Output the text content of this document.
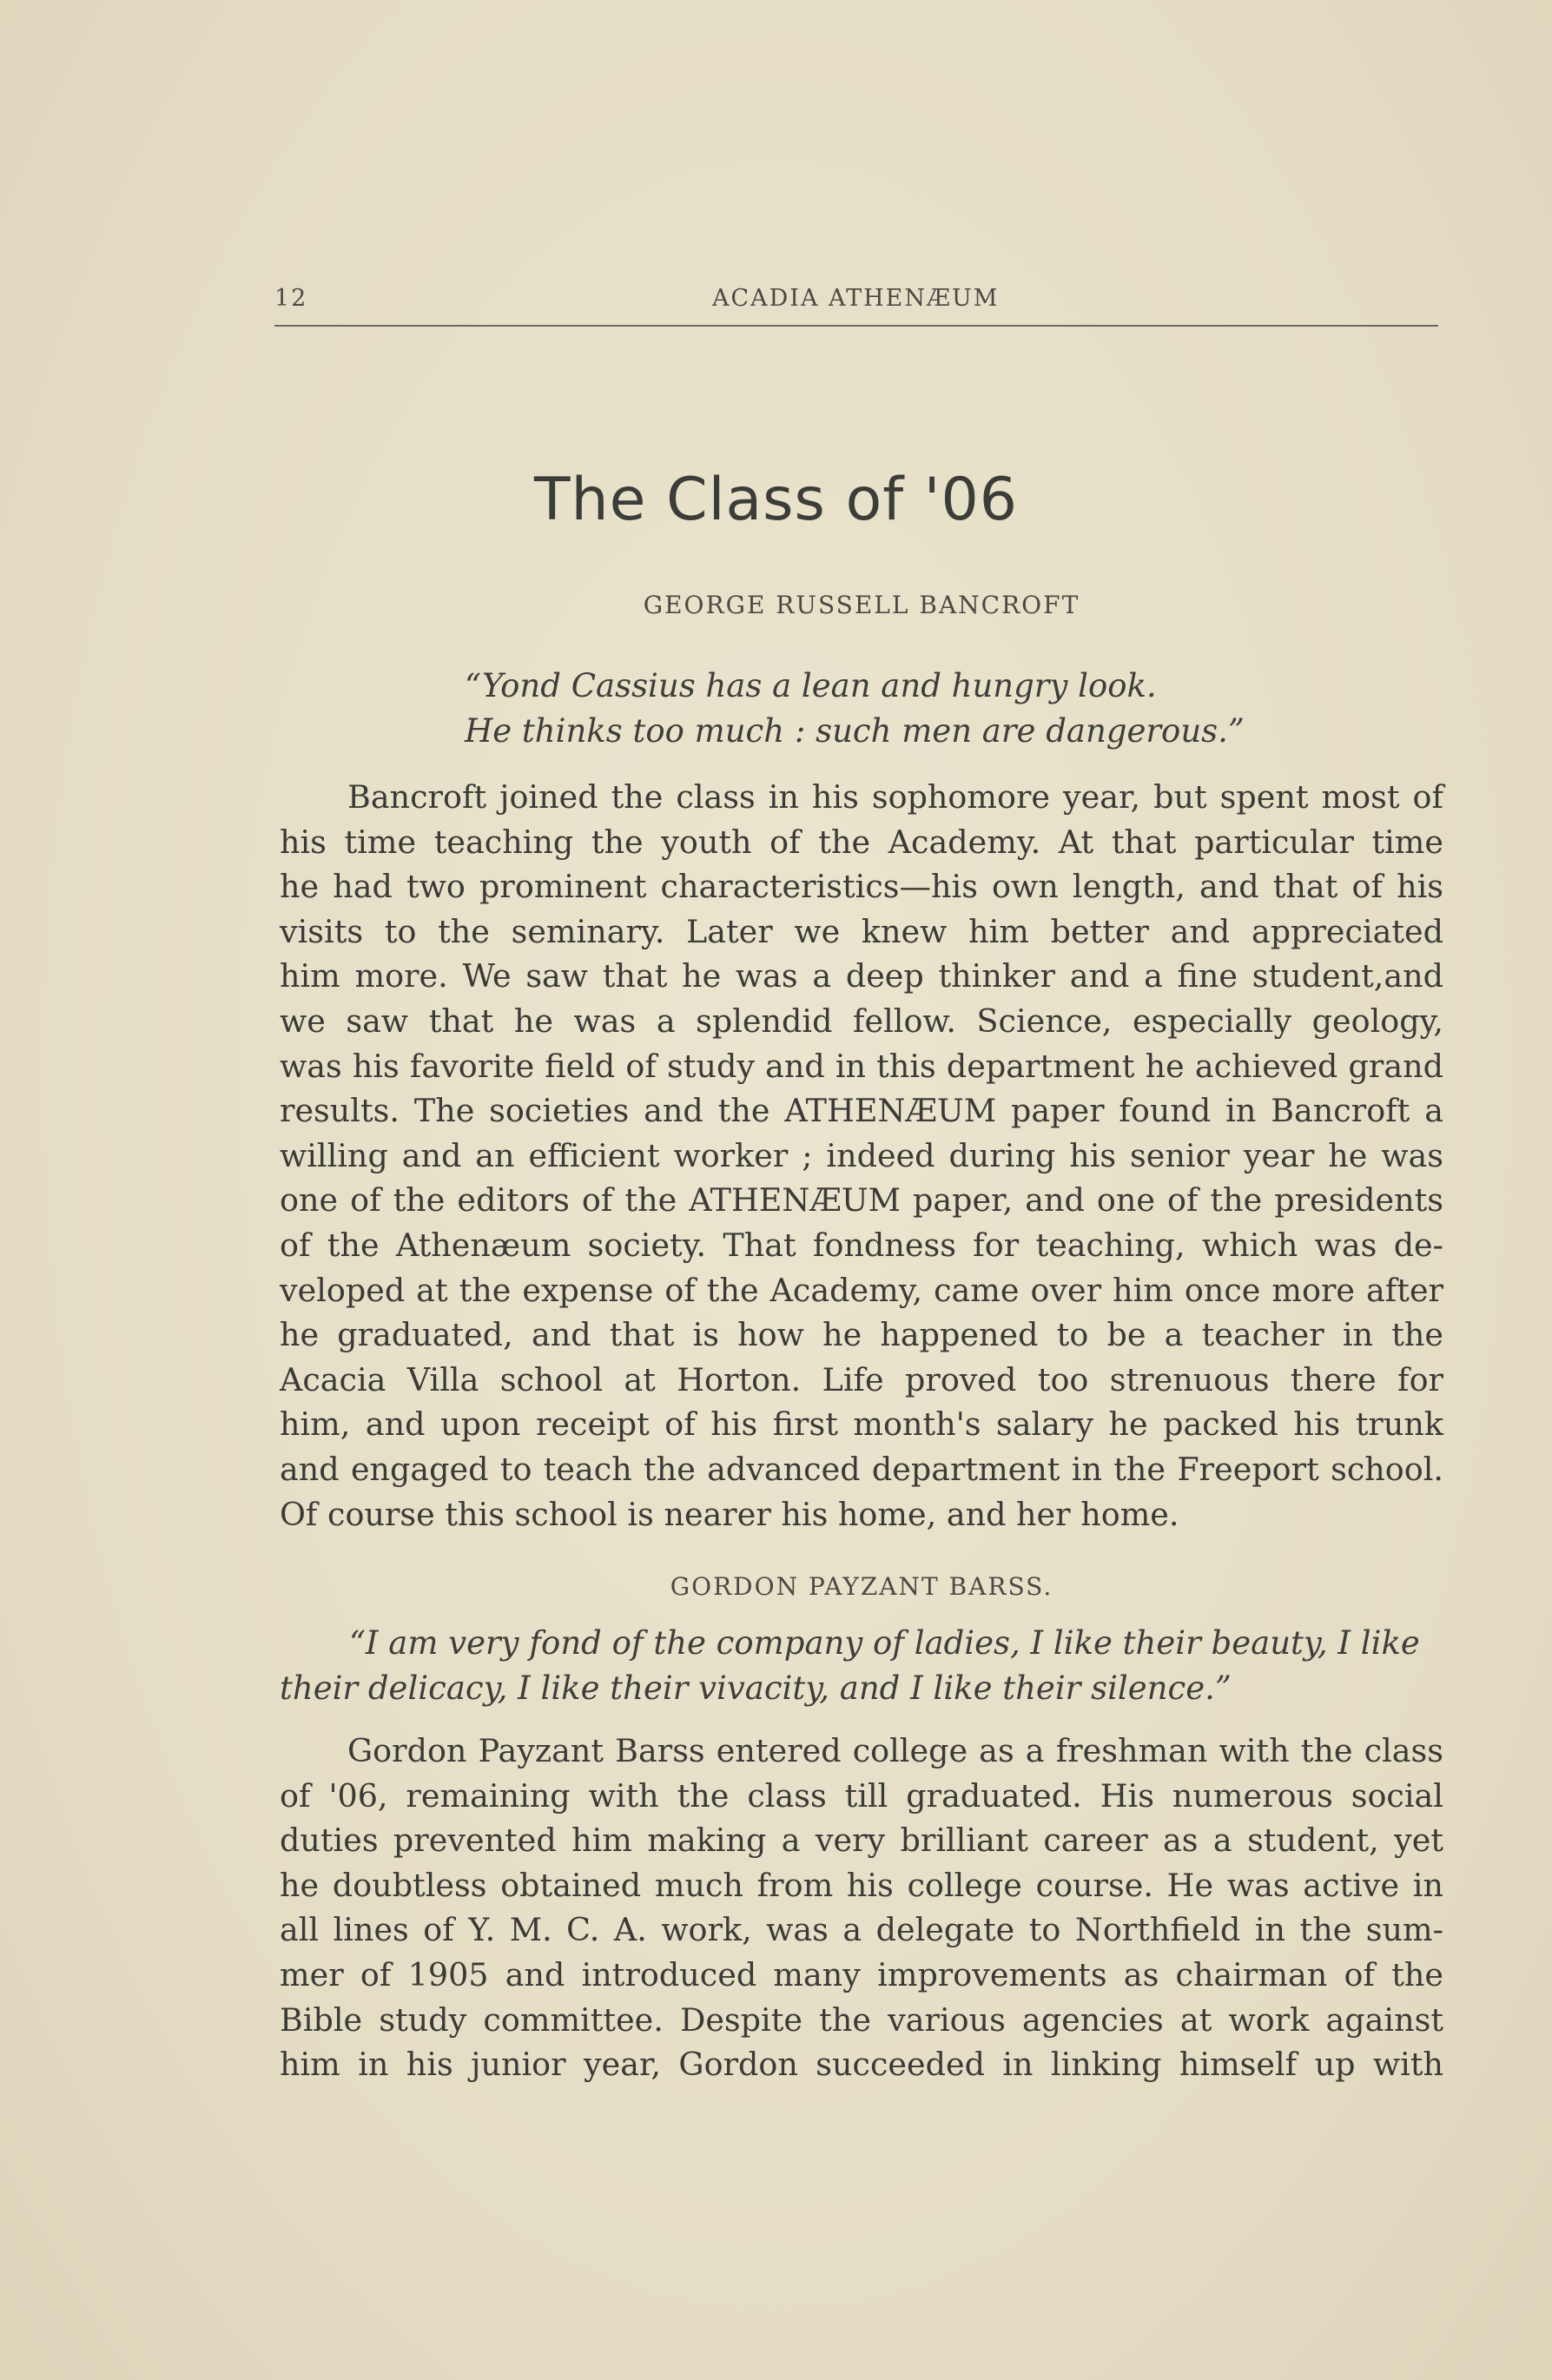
12	ACADIA ATHENÆUM
The Class of '06
GEORGE RUSSELL BANCROFT
“Yond Cassius has a lean and hungry look.
He thinks too much : such men are dangerous.”
Bancroft joined the class in his sophomore year, but spent most of
his time teaching the youth of the Academy. At that particular time
he had two prominent characteristics—his own length, and that of his
visits to the seminary. Later we knew him better and appreciated
him more. We saw that he was a deep thinker and a fine student,and
we saw that he was a splendid fellow. Science, especially geology,
was his favorite field of study and in this department he achieved grand
results. The societies and the ATHENÆUM paper found in Bancroft a
willing and an efficient worker ; indeed during his senior year he was
one of the editors of the ATHENÆUM paper, and one of the presidents
of the Athenæum society. That fondness for teaching, which was de-
veloped at the expense of the Academy, came over him once more after
he graduated, and that is how he happened to be a teacher in the
Acacia Villa school at Horton. Life proved too strenuous there for
him, and upon receipt of his first month's salary he packed his trunk
and engaged to teach the advanced department in the Freeport school.
Of course this school is nearer his home, and her home.
GORDON PAYZANT BARSS.
“I am very fond of the company of ladies, I like their beauty, I like
their delicacy, I like their vivacity, and I like their silence.”
Gordon Payzant Barss entered college as a freshman with the class
of '06, remaining with the class till graduated. His numerous social
duties prevented him making a very brilliant career as a student, yet
he doubtless obtained much from his college course. He was active in
all lines of Y. M. C. A. work, was a delegate to Northfield in the sum-
mer of 1905 and introduced many improvements as chairman of the
Bible study committee. Despite the various agencies at work against
him in his junior year, Gordon succeeded in linking himself up with
